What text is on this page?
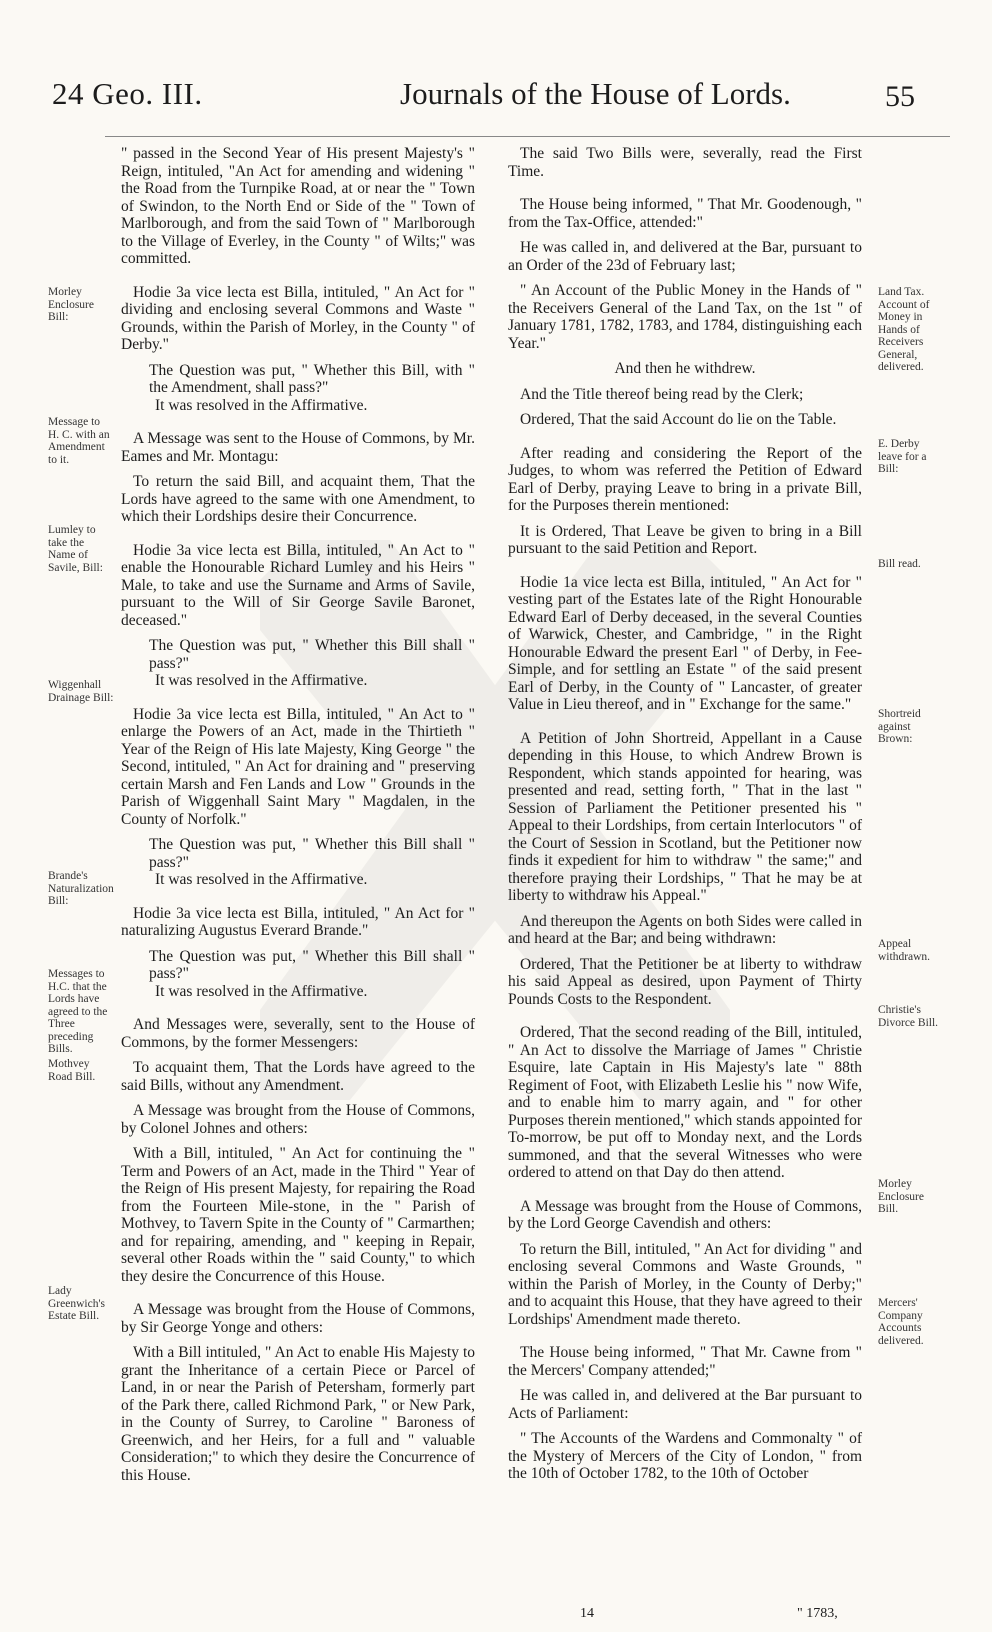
24 Geo. III.	Journals of the House of Lords.	55
Morley Enclosure Bill:
Message to H. C. with an Amendment to it.
Lumley to take the Name of Savile, Bill:
Wiggenhall Drainage Bill:
Brande's Naturalization Bill:
Messages to H.C. that the Lords have agreed to the Three preceding Bills.
Mothvey Road Bill.
Lady Greenwich's Estate Bill.
Land Tax. Account of Money in Hands of Receivers General, delivered.
E. Derby leave for a Bill:
Bill read.
Shortreid against Brown:
Appeal withdrawn.
Christie's Divorce Bill.
Morley Enclosure Bill.
Mercers' Company Accounts delivered.

" passed in the Second Year of His present Majesty's " Reign, intituled, "An Act for amending and widening " the Road from the Turnpike Road, at or near the " Town of Swindon, to the North End or Side of the " Town of Marlborough, and from the said Town of " Marlborough to the Village of Everley, in the County " of Wilts;" was committed.

Hodie 3a vice lecta est Billa, intituled, " An Act for " dividing and enclosing several Commons and Waste " Grounds, within the Parish of Morley, in the County " of Derby."

The Question was put, " Whether this Bill, with " the Amendment, shall pass?"

It was resolved in the Affirmative.

A Message was sent to the House of Commons, by Mr. Eames and Mr. Montagu:

To return the said Bill, and acquaint them, That the Lords have agreed to the same with one Amendment, to which their Lordships desire their Concurrence.

Hodie 3a vice lecta est Billa, intituled, " An Act to " enable the Honourable Richard Lumley and his Heirs " Male, to take and use the Surname and Arms of Savile, pursuant to the Will of Sir George Savile Baronet, deceased."

The Question was put, " Whether this Bill shall " pass?"

It was resolved in the Affirmative.

Hodie 3a vice lecta est Billa, intituled, " An Act to " enlarge the Powers of an Act, made in the Thirtieth " Year of the Reign of His late Majesty, King George " the Second, intituled, " An Act for draining and " preserving certain Marsh and Fen Lands and Low " Grounds in the Parish of Wiggenhall Saint Mary " Magdalen, in the County of Norfolk."

The Question was put, " Whether this Bill shall " pass?"

It was resolved in the Affirmative.

Hodie 3a vice lecta est Billa, intituled, " An Act for " naturalizing Augustus Everard Brande."

The Question was put, " Whether this Bill shall " pass?"

It was resolved in the Affirmative.

And Messages were, severally, sent to the House of Commons, by the former Messengers:

To acquaint them, That the Lords have agreed to the said Bills, without any Amendment.

A Message was brought from the House of Commons, by Colonel Johnes and others:

With a Bill, intituled, " An Act for continuing the " Term and Powers of an Act, made in the Third " Year of the Reign of His present Majesty, for repairing the Road from the Fourteen Mile-stone, in the " Parish of Mothvey, to Tavern Spite in the County of " Carmarthen; and for repairing, amending, and " keeping in Repair, several other Roads within the " said County," to which they desire the Concurrence of this House.

A Message was brought from the House of Commons, by Sir George Yonge and others:

With a Bill intituled, " An Act to enable His Majesty to grant the Inheritance of a certain Piece or Parcel of Land, in or near the Parish of Petersham, formerly part of the Park there, called Richmond Park, " or New Park, in the County of Surrey, to Caroline " Baroness of Greenwich, and her Heirs, for a full and " valuable Consideration;" to which they desire the Concurrence of this House.

The said Two Bills were, severally, read the First Time.

The House being informed, " That Mr. Goodenough, " from the Tax-Office, attended:"

He was called in, and delivered at the Bar, pursuant to an Order of the 23d of February last;

" An Account of the Public Money in the Hands of " the Receivers General of the Land Tax, on the 1st " of January 1781, 1782, 1783, and 1784, distinguishing each Year."

And then he withdrew.

And the Title thereof being read by the Clerk;

Ordered, That the said Account do lie on the Table.

After reading and considering the Report of the Judges, to whom was referred the Petition of Edward Earl of Derby, praying Leave to bring in a private Bill, for the Purposes therein mentioned:

It is Ordered, That Leave be given to bring in a Bill pursuant to the said Petition and Report.

Hodie 1a vice lecta est Billa, intituled, " An Act for " vesting part of the Estates late of the Right Honourable Edward Earl of Derby deceased, in the several Counties of Warwick, Chester, and Cambridge, " in the Right Honourable Edward the present Earl " of Derby, in Fee-Simple, and for settling an Estate " of the said present Earl of Derby, in the County of " Lancaster, of greater Value in Lieu thereof, and in " Exchange for the same."

A Petition of John Shortreid, Appellant in a Cause depending in this House, to which Andrew Brown is Respondent, which stands appointed for hearing, was presented and read, setting forth, " That in the last " Session of Parliament the Petitioner presented his " Appeal to their Lordships, from certain Interlocutors " of the Court of Session in Scotland, but the Petitioner now finds it expedient for him to withdraw " the same;" and therefore praying their Lordships, " That he may be at liberty to withdraw his Appeal."

And thereupon the Agents on both Sides were called in and heard at the Bar; and being withdrawn:

Ordered, That the Petitioner be at liberty to withdraw his said Appeal as desired, upon Payment of Thirty Pounds Costs to the Respondent.

Ordered, That the second reading of the Bill, intituled, " An Act to dissolve the Marriage of James " Christie Esquire, late Captain in His Majesty's late " 88th Regiment of Foot, with Elizabeth Leslie his " now Wife, and to enable him to marry again, and " for other Purposes therein mentioned," which stands appointed for To-morrow, be put off to Monday next, and the Lords summoned, and that the several Witnesses who were ordered to attend on that Day do then attend.

A Message was brought from the House of Commons, by the Lord George Cavendish and others:

To return the Bill, intituled, " An Act for dividing " and enclosing several Commons and Waste Grounds, " within the Parish of Morley, in the County of Derby;" and to acquaint this House, that they have agreed to their Lordships' Amendment made thereto.

The House being informed, " That Mr. Cawne from " the Mercers' Company attended;"

He was called in, and delivered at the Bar pursuant to Acts of Parliament:

" The Accounts of the Wardens and Commonalty " of the Mystery of Mercers of the City of London, " from the 10th of October 1782, to the 10th of October

14	" 1783,
